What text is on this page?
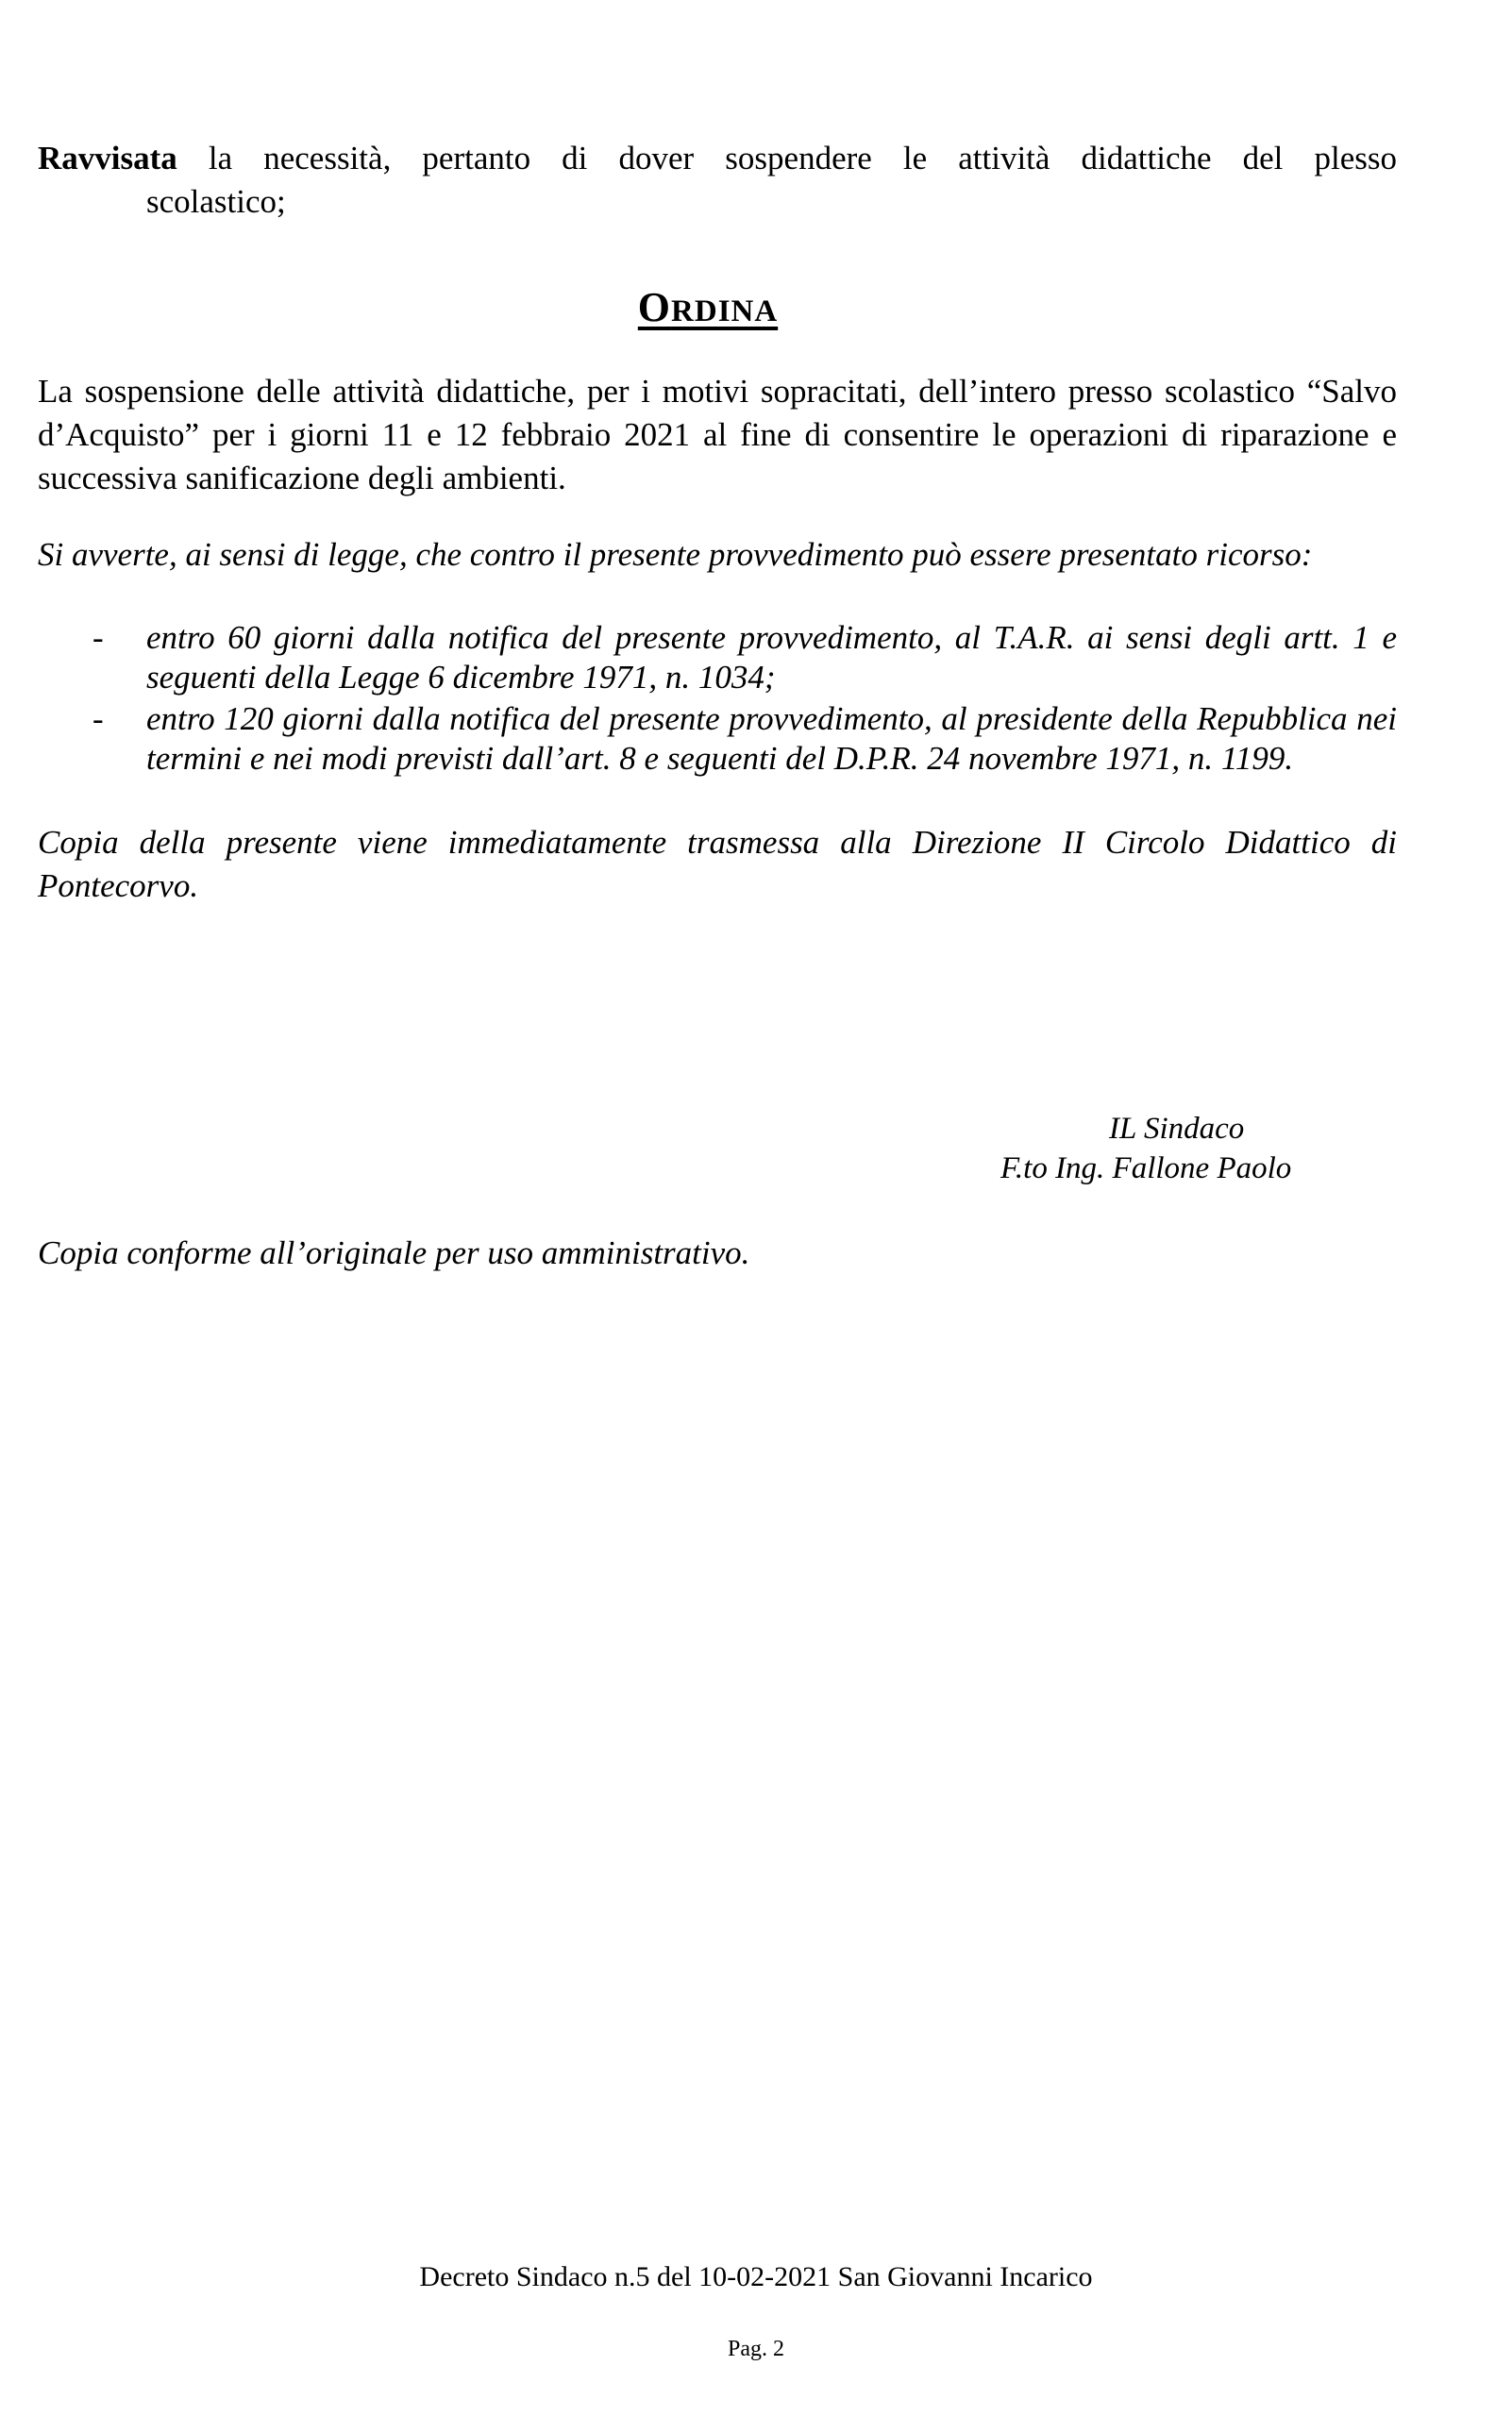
Ravvisata la necessità, pertanto di dover sospendere le attività didattiche del plesso
scolastico;
ORDINA
La sospensione delle attività didattiche, per i motivi sopracitati, dell’intero presso scolastico “Salvo d’Acquisto” per i giorni 11 e 12 febbraio 2021 al fine di consentire le operazioni di riparazione e successiva sanificazione degli ambienti.
Si avverte, ai sensi di legge, che contro il presente provvedimento può essere presentato ricorso:
- entro 60 giorni dalla notifica del presente provvedimento, al T.A.R. ai sensi degli artt. 1 e seguenti della Legge 6 dicembre 1971, n. 1034;
- entro 120 giorni dalla notifica del presente provvedimento, al presidente della Repubblica nei termini e nei modi previsti dall’art. 8 e seguenti del D.P.R. 24 novembre 1971, n. 1199.
Copia della presente viene immediatamente trasmessa alla Direzione II Circolo Didattico di Pontecorvo.
IL Sindaco
F.to Ing. Fallone Paolo
Copia conforme all’originale per uso amministrativo.
Decreto Sindaco n.5 del 10-02-2021 San Giovanni Incarico
Pag. 2
